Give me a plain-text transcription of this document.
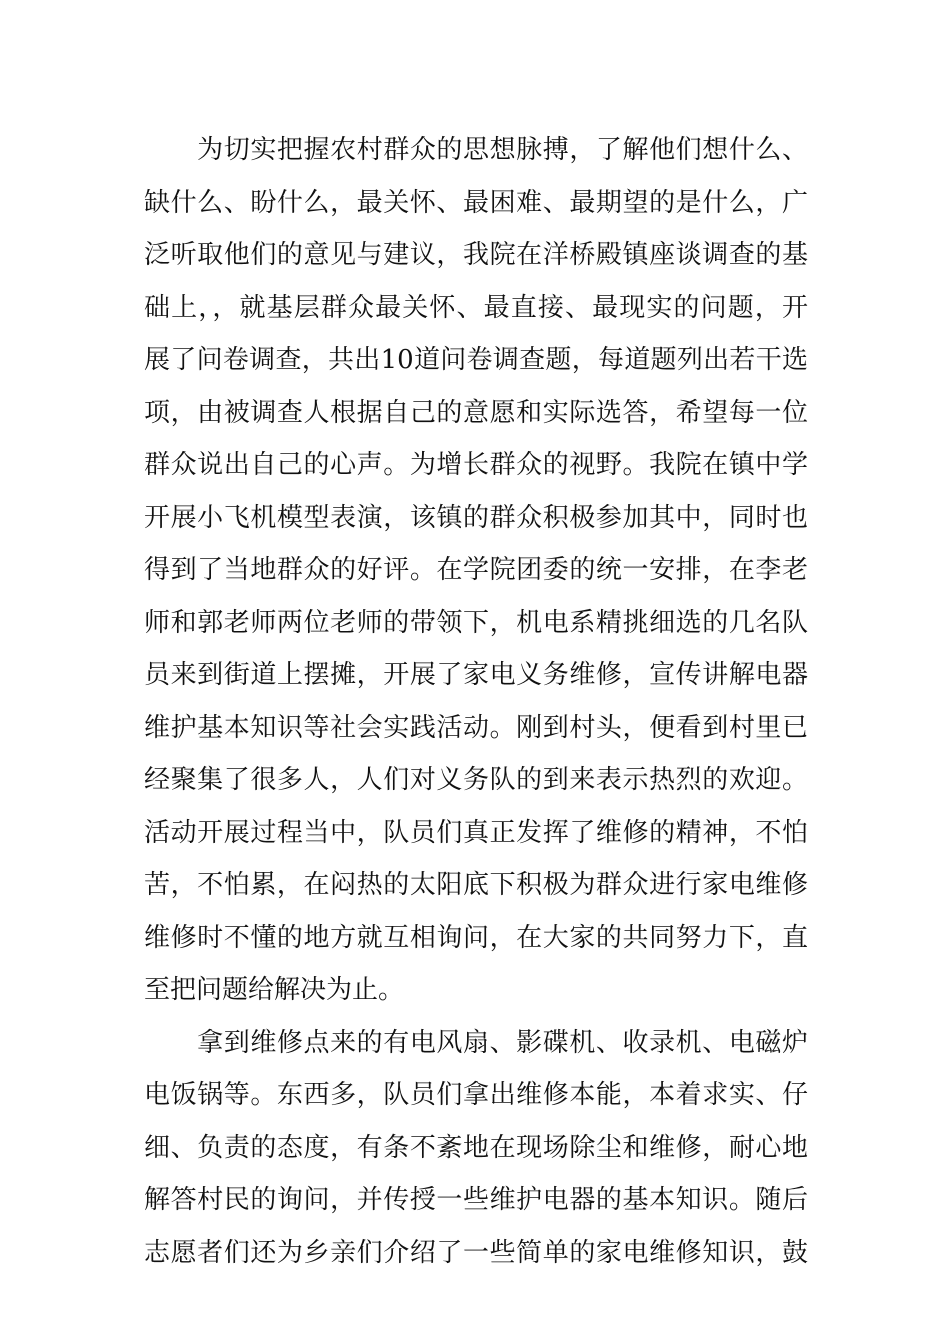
　　为切实把握农村群众的思想脉搏，了解他们想什么、
缺什么、盼什么，最关怀、最困难、最期望的是什么，广
泛听取他们的意见与建议，我院在洋桥殿镇座谈调查的基
础上，，就基层群众最关怀、最直接、最现实的问题，开
展了问卷调查，共出10道问卷调查题，每道题列出若干选
项，由被调查人根据自己的意愿和实际选答，希望每一位
群众说出自己的心声。为增长群众的视野。我院在镇中学
开展小飞机模型表演，该镇的群众积极参加其中，同时也
得到了当地群众的好评。在学院团委的统一安排，在李老
师和郭老师两位老师的带领下，机电系精挑细选的几名队
员来到街道上摆摊，开展了家电义务维修，宣传讲解电器
维护基本知识等社会实践活动。刚到村头，便看到村里已
经聚集了很多人，人们对义务队的到来表示热烈的欢迎。
活动开展过程当中，队员们真正发挥了维修的精神，不怕
苦，不怕累，在闷热的太阳底下积极为群众进行家电维修
维修时不懂的地方就互相询问，在大家的共同努力下，直
至把问题给解决为止。
　　拿到维修点来的有电风扇、影碟机、收录机、电磁炉
电饭锅等。东西多，队员们拿出维修本能，本着求实、仔
细、负责的态度，有条不紊地在现场除尘和维修，耐心地
解答村民的询问，并传授一些维护电器的基本知识。随后
志愿者们还为乡亲们介绍了一些简单的家电维修知识，鼓
